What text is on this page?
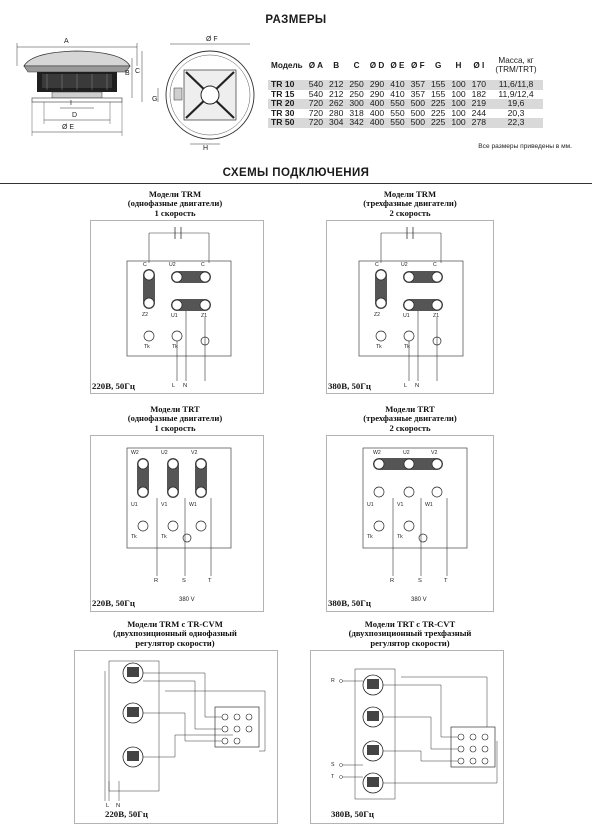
РАЗМЕРЫ
A
B C
I
D
Ø E
Ø F
G
H
Модель	Ø A	B	C	Ø D	Ø E	Ø F	G	H	Ø I	Масса, кг (TRM/TRT)
TR 10	540	212	250	290	410	357	155	100	170	11,6/11,8
TR 15	540	212	250	290	410	357	155	100	182	11,9/12,4
TR 20	720	262	300	400	550	500	225	100	219	19,6
TR 30	720	280	318	400	550	500	225	100	244	20,3
TR 50	720	304	342	400	550	500	225	100	278	22,3
Все размеры приведены в мм.
СХЕМЫ ПОДКЛЮЧЕНИЯ
Модели TRM
(однофазные двигатели)
1 скорость
C	U2	C
Z2	U1	Z1
Tk	Tk
L N
220В, 50Гц
Модели TRM
(трехфазные двигатели)
2 скорость
C	U2	C
Z2	U1	Z1
Tk	Tk
L N
380В, 50Гц
Модели TRT
(однофазные двигатели)
1 скорость
W2	U2	V2
U1	V1	W1
Tk	Tk
R	S	T
380 V
220В, 50Гц
Модели TRT
(трехфазные двигатели)
2 скорость
W2	U2	V2
U1	V1	W1
Tk	Tk
R	S	T
380 V
380В, 50Гц
Модели TRM с TR-CVM
(двухпозиционный однофазный
регулятор скорости)
L N
220В, 50Гц
Модели TRT с TR-CVT
(двухпозиционный трехфазный
регулятор скорости)
R
S
T
380В, 50Гц
